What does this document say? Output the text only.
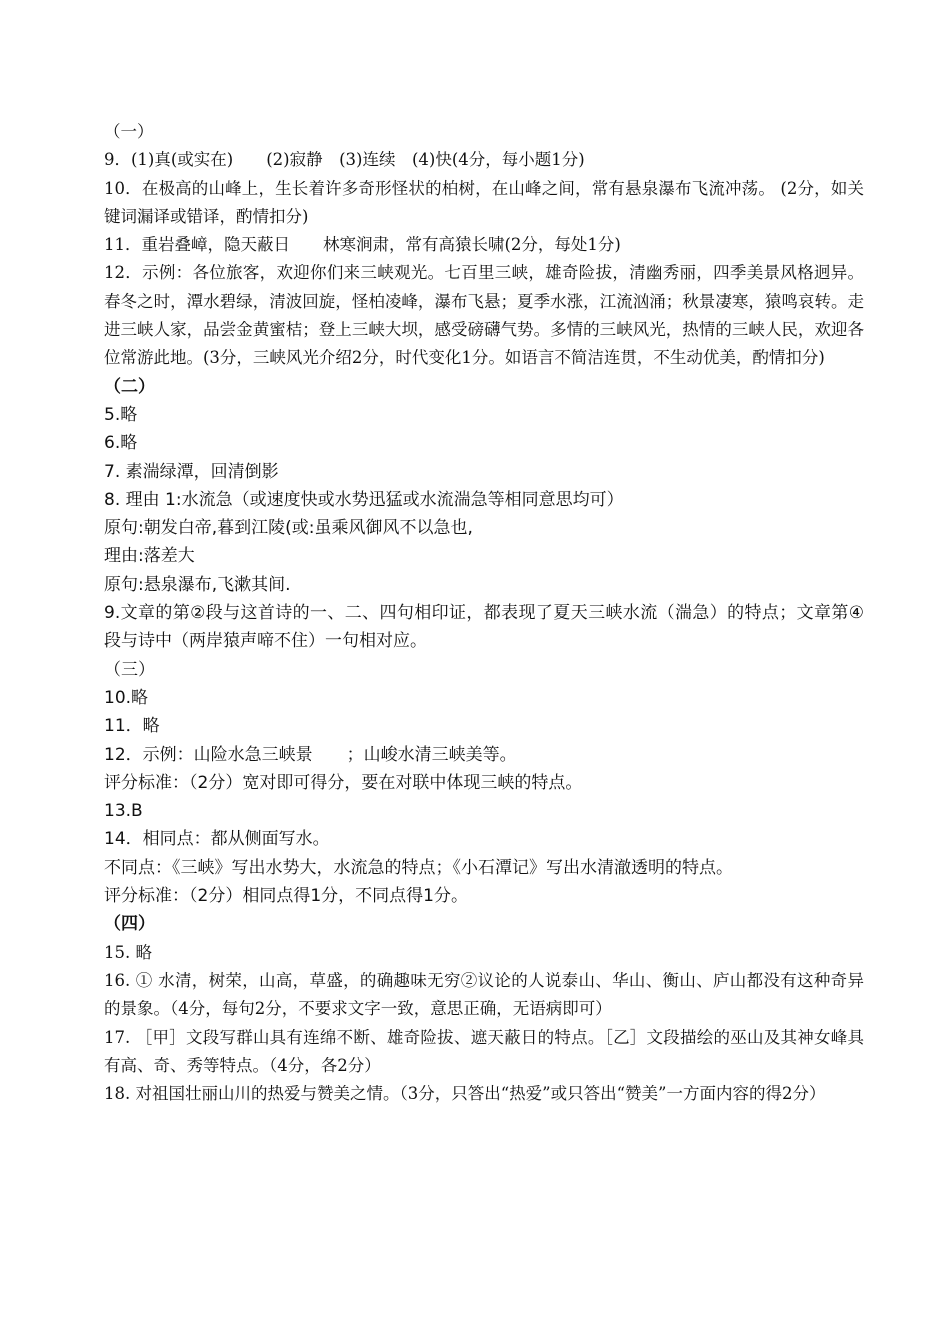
（一）
9．(1)真(或实在)　　(2)寂静　(3)连续　(4)快(4分，每小题1分)
10．在极高的山峰上，生长着许多奇形怪状的柏树，在山峰之间，常有悬泉瀑布飞流冲荡。 (2分，如关键词漏译或错译，酌情扣分)
11．重岩叠嶂，隐天蔽日　　林寒涧肃，常有高猿长啸(2分，每处1分)
12．示例：各位旅客，欢迎你们来三峡观光。七百里三峡，雄奇险拔，清幽秀丽，四季美景风格迥异。春冬之时，潭水碧绿，清波回旋，怪柏凌峰，瀑布飞悬；夏季水涨，江流汹涌；秋景凄寒，猿鸣哀转。走进三峡人家，品尝金黄蜜桔；登上三峡大坝，感受磅礴气势。多情的三峡风光，热情的三峡人民，欢迎各位常游此地。(3分，三峡风光介绍2分，时代变化1分。如语言不简洁连贯，不生动优美，酌情扣分)
（二）
5.略
6.略
7. 素湍绿潭，回清倒影
8. 理由 1:水流急（或速度快或水势迅猛或水流湍急等相同意思均可）
原句:朝发白帝,暮到江陵(或:虽乘风御风不以急也,
理由:落差大
原句:悬泉瀑布,飞漱其间.
9.文章的第②段与这首诗的一、二、四句相印证，都表现了夏天三峡水流（湍急）的特点；文章第④段与诗中（两岸猿声啼不住）一句相对应。
（三）
10.略
11．略
12．示例：山险水急三峡景　　；山峻水清三峡美等。
评分标准：（2分）宽对即可得分，要在对联中体现三峡的特点。
13.B
14．相同点：都从侧面写水。
不同点：《三峡》写出水势大，水流急的特点；《小石潭记》写出水清澈透明的特点。
评分标准：（2分）相同点得1分，不同点得1分。
（四）
15. 略
16. ① 水清，树荣，山高，草盛，的确趣味无穷②议论的人说泰山、华山、衡山、庐山都没有这种奇异的景象。（4分，每句2分，不要求文字一致，意思正确，无语病即可）
17. ［甲］文段写群山具有连绵不断、雄奇险拔、遮天蔽日的特点。［乙］文段描绘的巫山及其神女峰具有高、奇、秀等特点。（4分，各2分）
18. 对祖国壮丽山川的热爱与赞美之情。（3分，只答出“热爱”或只答出“赞美”一方面内容的得2分）
